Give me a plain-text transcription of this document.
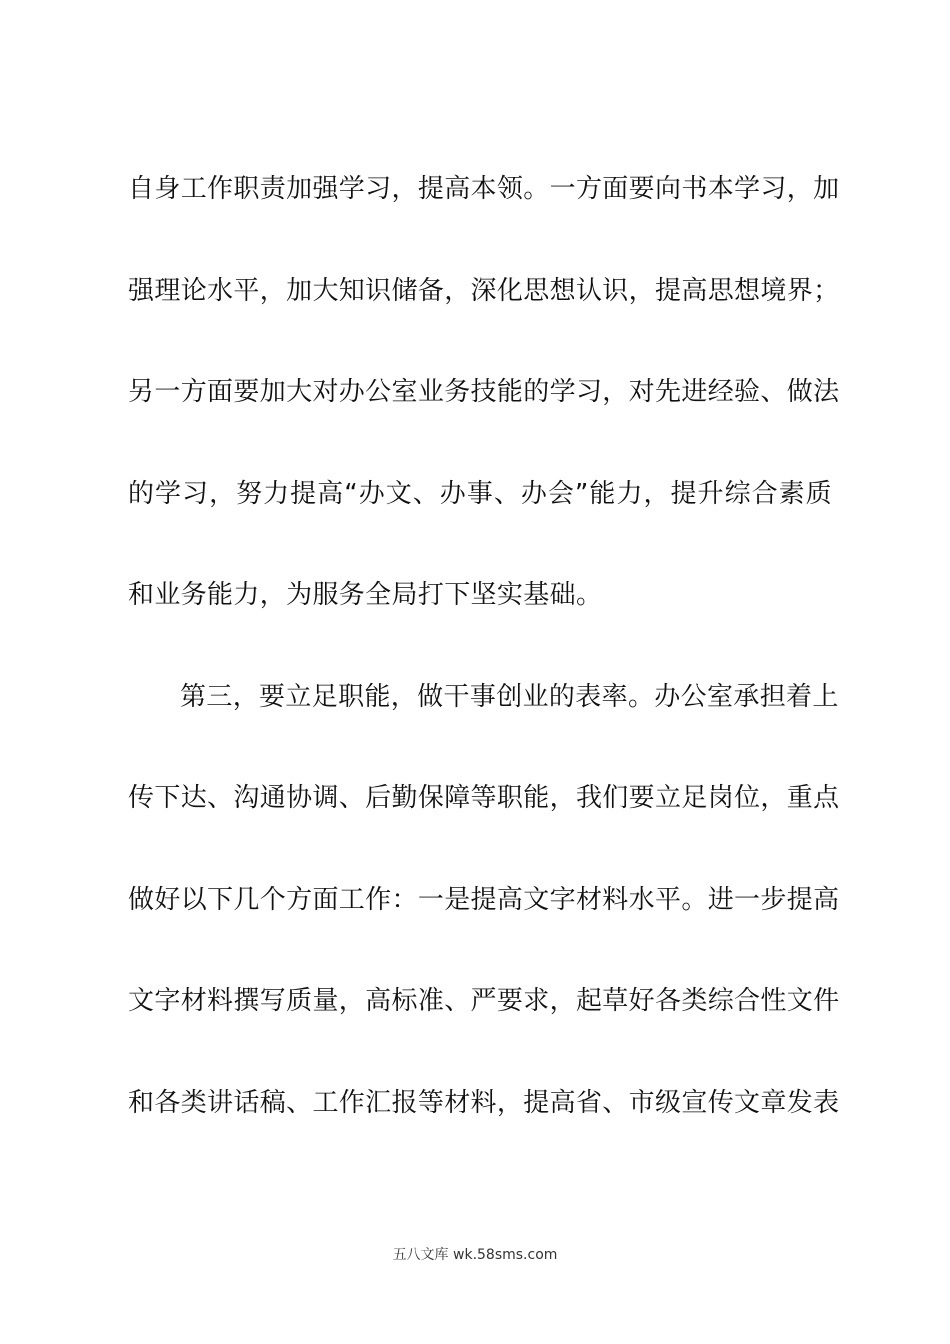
自身工作职责加强学习，提高本领。一方面要向书本学习，加
强理论水平，加大知识储备，深化思想认识，提高思想境界；
另一方面要加大对办公室业务技能的学习，对先进经验、做法
的学习，努力提高“办文、办事、办会”能力，提升综合素质
和业务能力，为服务全局打下坚实基础。
第三，要立足职能，做干事创业的表率。办公室承担着上
传下达、沟通协调、后勤保障等职能，我们要立足岗位，重点
做好以下几个方面工作：一是提高文字材料水平。进一步提高
文字材料撰写质量，高标准、严要求，起草好各类综合性文件
和各类讲话稿、工作汇报等材料，提高省、市级宣传文章发表
五八文库 wk.58sms.com
